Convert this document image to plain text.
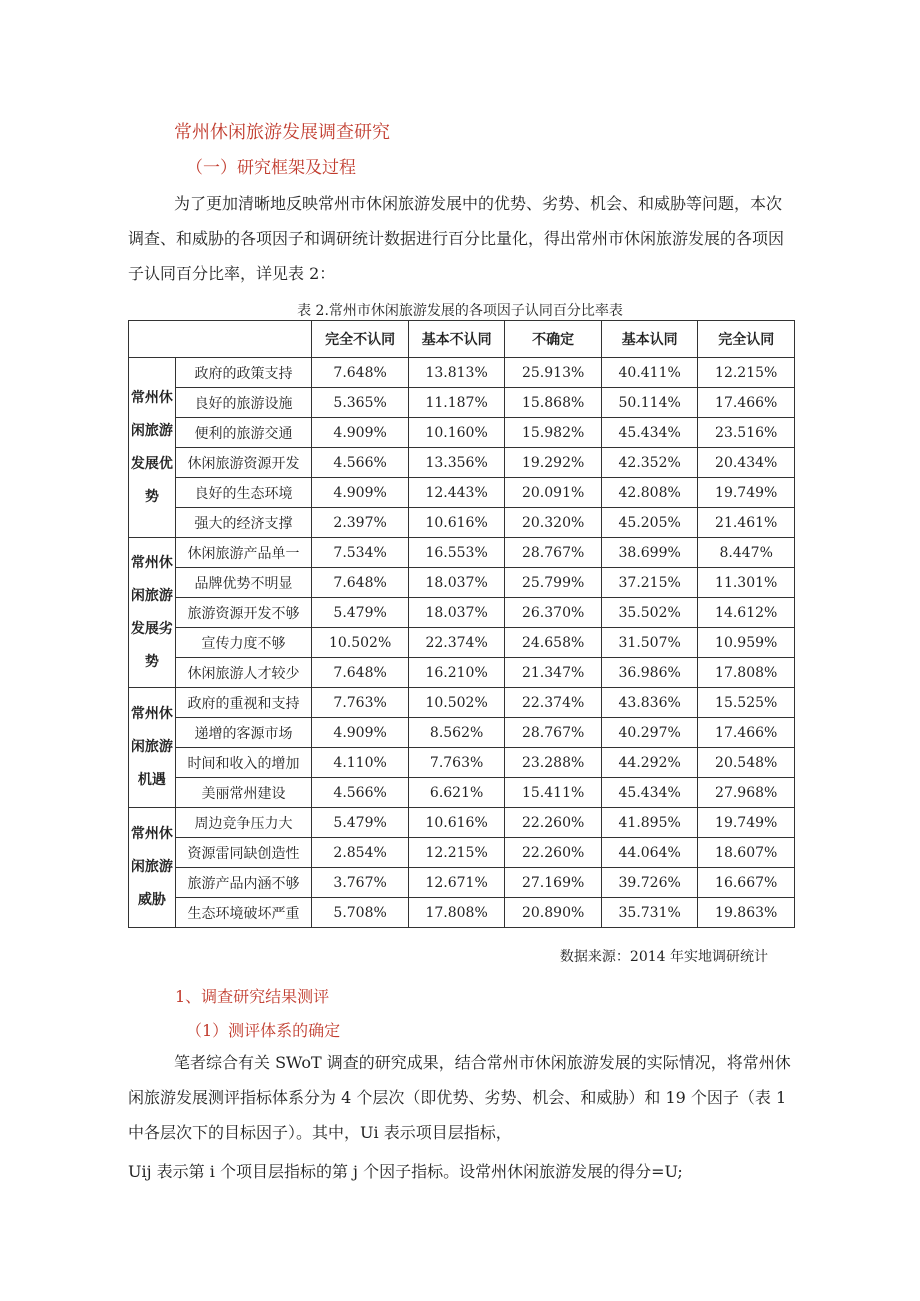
常州休闲旅游发展调查研究
（一）研究框架及过程

为了更加清晰地反映常州市休闲旅游发展中的优势、劣势、机会、和威胁等问题，本次调查、和威胁的各项因子和调研统计数据进行百分比量化，得出常州市休闲旅游发展的各项因子认同百分比率，详见表 2：

表 2.常州市休闲旅游发展的各项因子认同百分比率表
		完全不认同	基本不认同	不确定	基本认同	完全认同
常州休闲旅游发展优势	政府的政策支持	7.648%	13.813%	25.913%	40.411%	12.215%
	良好的旅游设施	5.365%	11.187%	15.868%	50.114%	17.466%
	便利的旅游交通	4.909%	10.160%	15.982%	45.434%	23.516%
	休闲旅游资源开发	4.566%	13.356%	19.292%	42.352%	20.434%
	良好的生态环境	4.909%	12.443%	20.091%	42.808%	19.749%
	强大的经济支撑	2.397%	10.616%	20.320%	45.205%	21.461%
常州休闲旅游发展劣势	休闲旅游产品单一	7.534%	16.553%	28.767%	38.699%	8.447%
	品牌优势不明显	7.648%	18.037%	25.799%	37.215%	11.301%
	旅游资源开发不够	5.479%	18.037%	26.370%	35.502%	14.612%
	宣传力度不够	10.502%	22.374%	24.658%	31.507%	10.959%
	休闲旅游人才较少	7.648%	16.210%	21.347%	36.986%	17.808%
常州休闲旅游机遇	政府的重视和支持	7.763%	10.502%	22.374%	43.836%	15.525%
	递增的客源市场	4.909%	8.562%	28.767%	40.297%	17.466%
	时间和收入的增加	4.110%	7.763%	23.288%	44.292%	20.548%
	美丽常州建设	4.566%	6.621%	15.411%	45.434%	27.968%
常州休闲旅游威胁	周边竞争压力大	5.479%	10.616%	22.260%	41.895%	19.749%
	资源雷同缺创造性	2.854%	12.215%	22.260%	44.064%	18.607%
	旅游产品内涵不够	3.767%	12.671%	27.169%	39.726%	16.667%
	生态环境破坏严重	5.708%	17.808%	20.890%	35.731%	19.863%
数据来源：2014 年实地调研统计
1、调查研究结果测评
（1）测评体系的确定

笔者综合有关 SWoT 调查的研究成果，结合常州市休闲旅游发展的实际情况，将常州休闲旅游发展测评指标体系分为 4 个层次（即优势、劣势、机会、和威胁）和 19 个因子（表 1 中各层次下的目标因子）。其中，Ui 表示项目层指标，

Uij 表示第 i 个项目层指标的第 j 个因子指标。设常州休闲旅游发展的得分=U;
